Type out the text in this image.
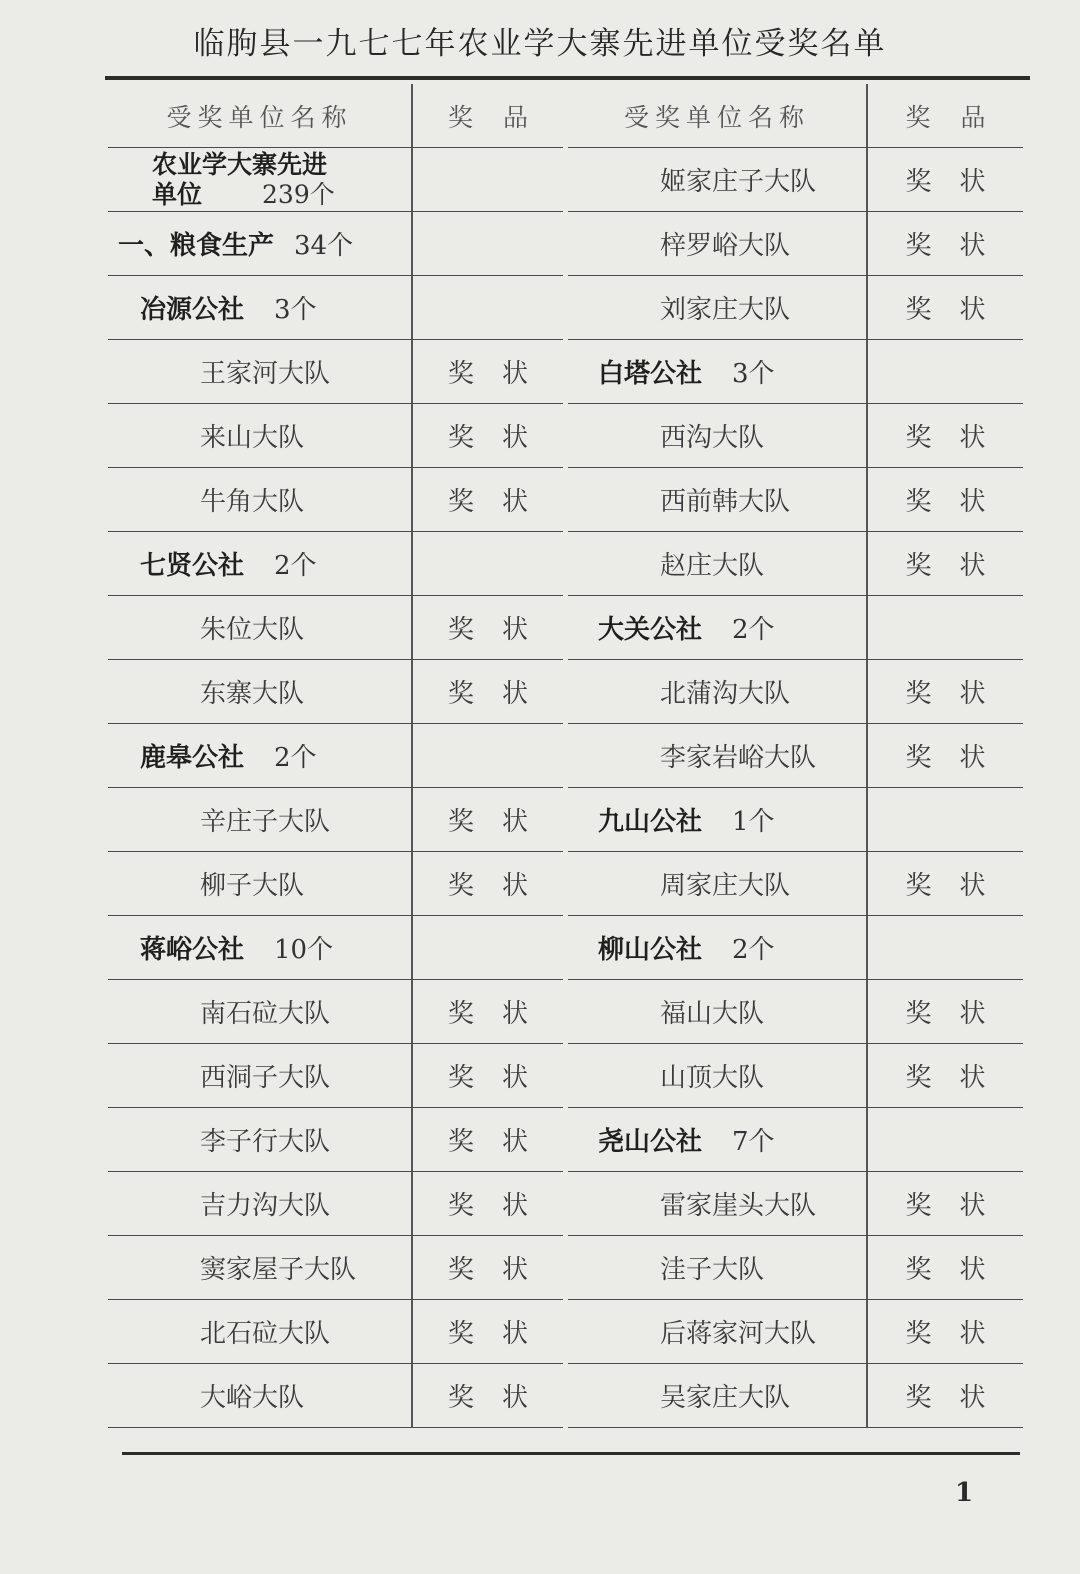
临朐县一九七七年农业学大寨先进单位受奖名单
受奖单位名称	奖品
农业学大寨先进
单位 239个
一、粮食生产 34个
冶源公社 3个
王家河大队	奖状
来山大队	奖状
牛角大队	奖状
七贤公社 2个
朱位大队	奖状
东寨大队	奖状
鹿皋公社 2个
辛庄子大队	奖状
柳子大队	奖状
蒋峪公社 10个
南石砬大队	奖状
西洞子大队	奖状
李子行大队	奖状
吉力沟大队	奖状
窦家屋子大队	奖状
北石砬大队	奖状
大峪大队	奖状
受奖单位名称	奖品
姬家庄子大队	奖状
梓罗峪大队	奖状
刘家庄大队	奖状
白塔公社 3个
西沟大队	奖状
西前韩大队	奖状
赵庄大队	奖状
大关公社 2个
北蒲沟大队	奖状
李家岩峪大队	奖状
九山公社 1个
周家庄大队	奖状
柳山公社 2个
福山大队	奖状
山顶大队	奖状
尧山公社 7个
雷家崖头大队	奖状
洼子大队	奖状
后蒋家河大队	奖状
吴家庄大队	奖状
1
